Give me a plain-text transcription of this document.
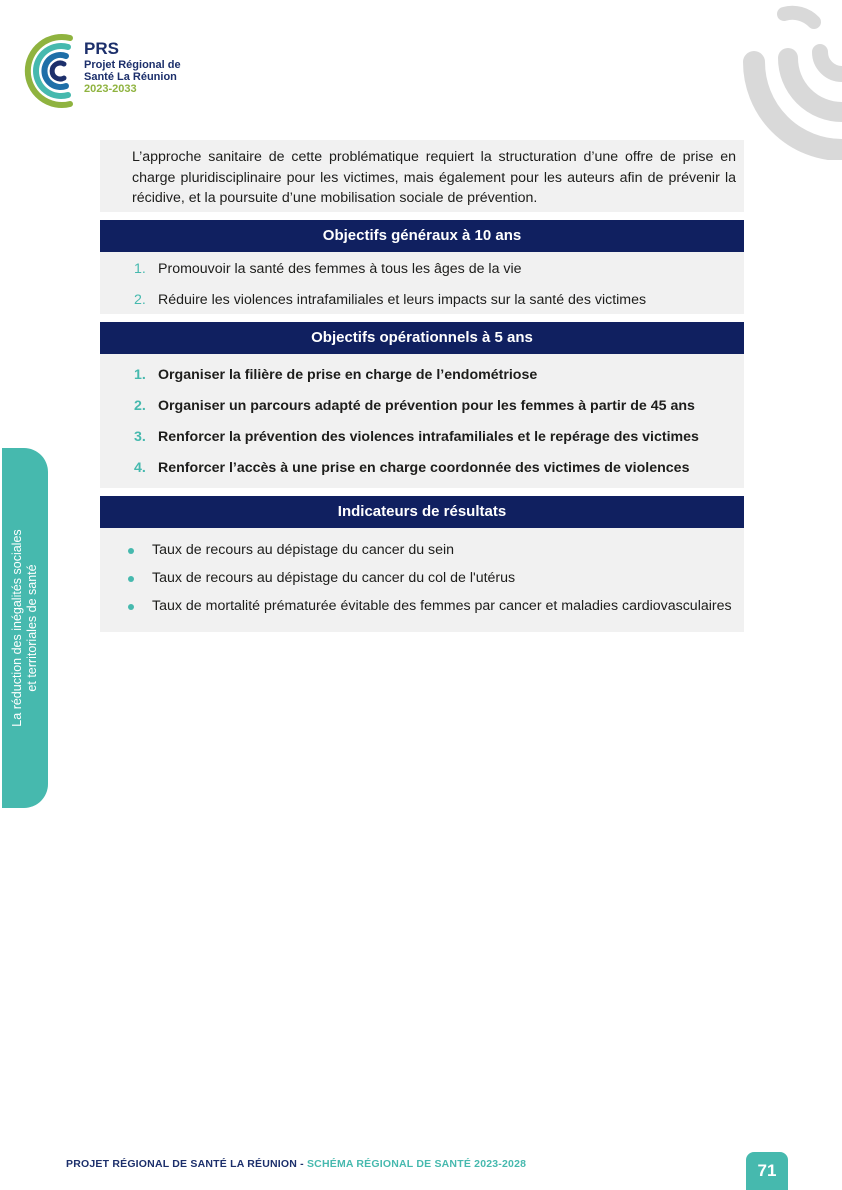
PRS
Projet Régional de
Santé La Réunion
2023-2033
La réduction des inégalités sociales et territoriales de santé
L’approche sanitaire de cette problématique requiert la structuration d’une offre de prise en charge pluridisciplinaire pour les victimes, mais également pour les auteurs afin de prévenir la récidive, et la poursuite d’une mobilisation sociale de prévention.
Objectifs généraux à 10 ans
1. Promouvoir la santé des femmes à tous les âges de la vie
2. Réduire les violences intrafamiliales et leurs impacts sur la santé des victimes
Objectifs opérationnels à 5 ans
1. Organiser la filière de prise en charge de l’endométriose
2. Organiser un parcours adapté de prévention pour les femmes à partir de 45 ans
3. Renforcer la prévention des violences intrafamiliales et le repérage des victimes
4. Renforcer l’accès à une prise en charge coordonnée des victimes de violences
Indicateurs de résultats
Taux de recours au dépistage du cancer du sein
Taux de recours au dépistage du cancer du col de l'utérus
Taux de mortalité prématurée évitable des femmes par cancer et maladies cardiovasculaires
PROJET RÉGIONAL DE SANTÉ LA RÉUNION - SCHÉMA RÉGIONAL DE SANTÉ 2023-2028	71
